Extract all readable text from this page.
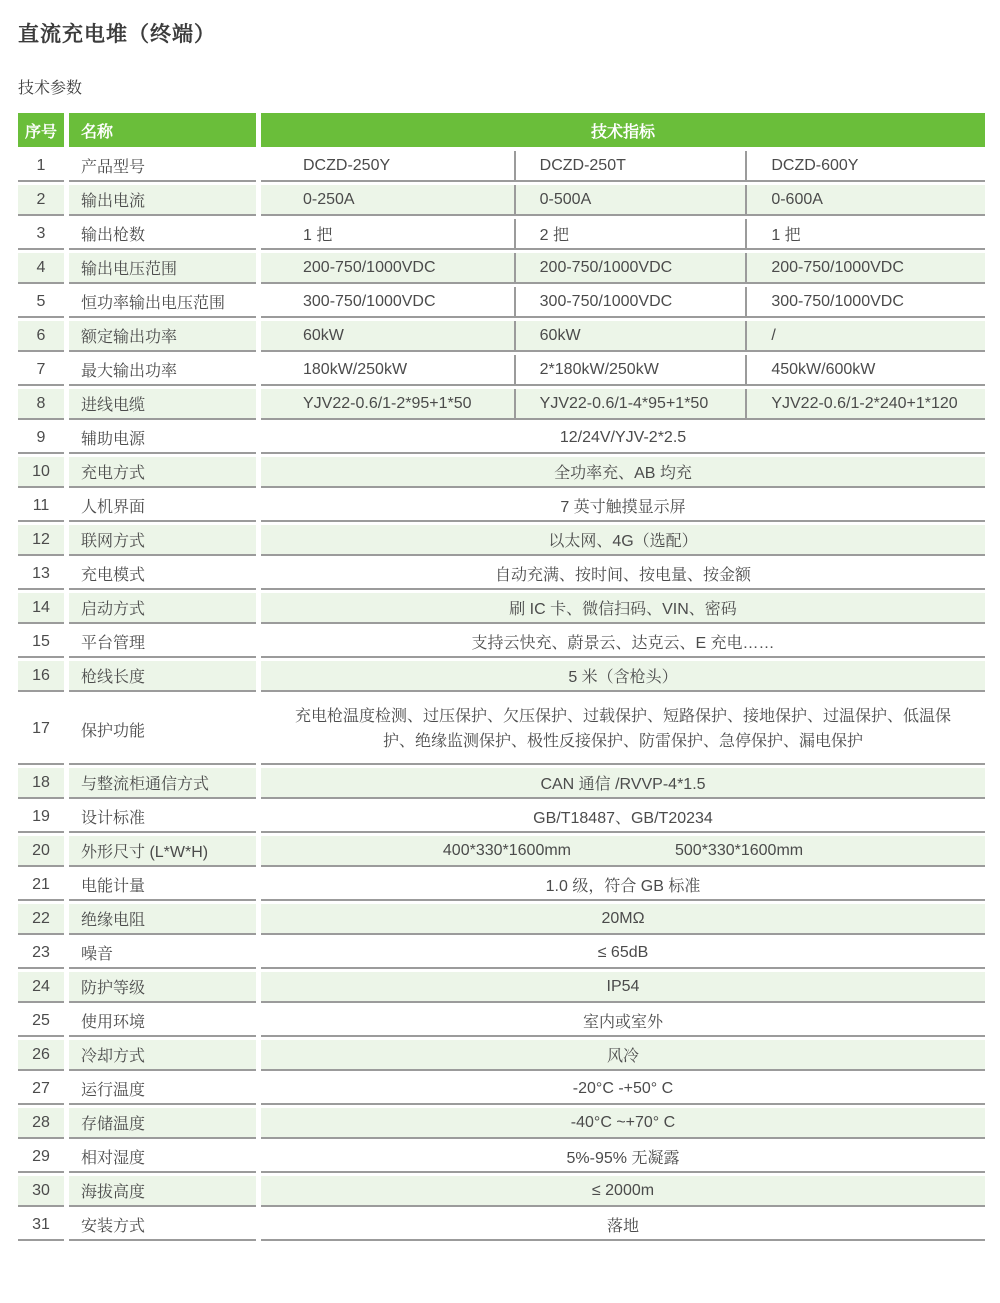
直流充电堆（终端）
技术参数
序号	名称	技术指标
1	产品型号	DCZD-250Y	DCZD-250T	DCZD-600Y
2	输出电流	0-250A	0-500A	0-600A
3	输出枪数	1 把	2 把	1 把
4	输出电压范围	200-750/1000VDC	200-750/1000VDC	200-750/1000VDC
5	恒功率输出电压范围	300-750/1000VDC	300-750/1000VDC	300-750/1000VDC
6	额定输出功率	60kW	60kW	/
7	最大输出功率	180kW/250kW	2*180kW/250kW	450kW/600kW
8	进线电缆	YJV22-0.6/1-2*95+1*50	YJV22-0.6/1-4*95+1*50	YJV22-0.6/1-2*240+1*120
9	辅助电源	12/24V/YJV-2*2.5
10	充电方式	全功率充、AB 均充
11	人机界面	7 英寸触摸显示屏
12	联网方式	以太网、4G（选配）
13	充电模式	自动充满、按时间、按电量、按金额
14	启动方式	刷 IC 卡、微信扫码、VIN、密码
15	平台管理	支持云快充、蔚景云、达克云、E 充电……
16	枪线长度	5 米（含枪头）
17	保护功能
充电枪温度检测、过压保护、欠压保护、过载保护、短路保护、接地保护、过温保护、低温保护、绝缘监测保护、极性反接保护、防雷保护、急停保护、漏电保护
18	与整流柜通信方式	CAN 通信 /RVVP-4*1.5
19	设计标准	GB/T18487、GB/T20234
20	外形尺寸 (L*W*H)	400*330*1600mm	500*330*1600mm
21	电能计量	1.0 级，符合 GB 标准
22	绝缘电阻	20MΩ
23	噪音	≤ 65dB
24	防护等级	IP54
25	使用环境	室内或室外
26	冷却方式	风冷
27	运行温度	-20°C -+50° C
28	存储温度	-40°C ~+70° C
29	相对湿度	5%-95% 无凝露
30	海拔高度	≤ 2000m
31	安装方式	落地
